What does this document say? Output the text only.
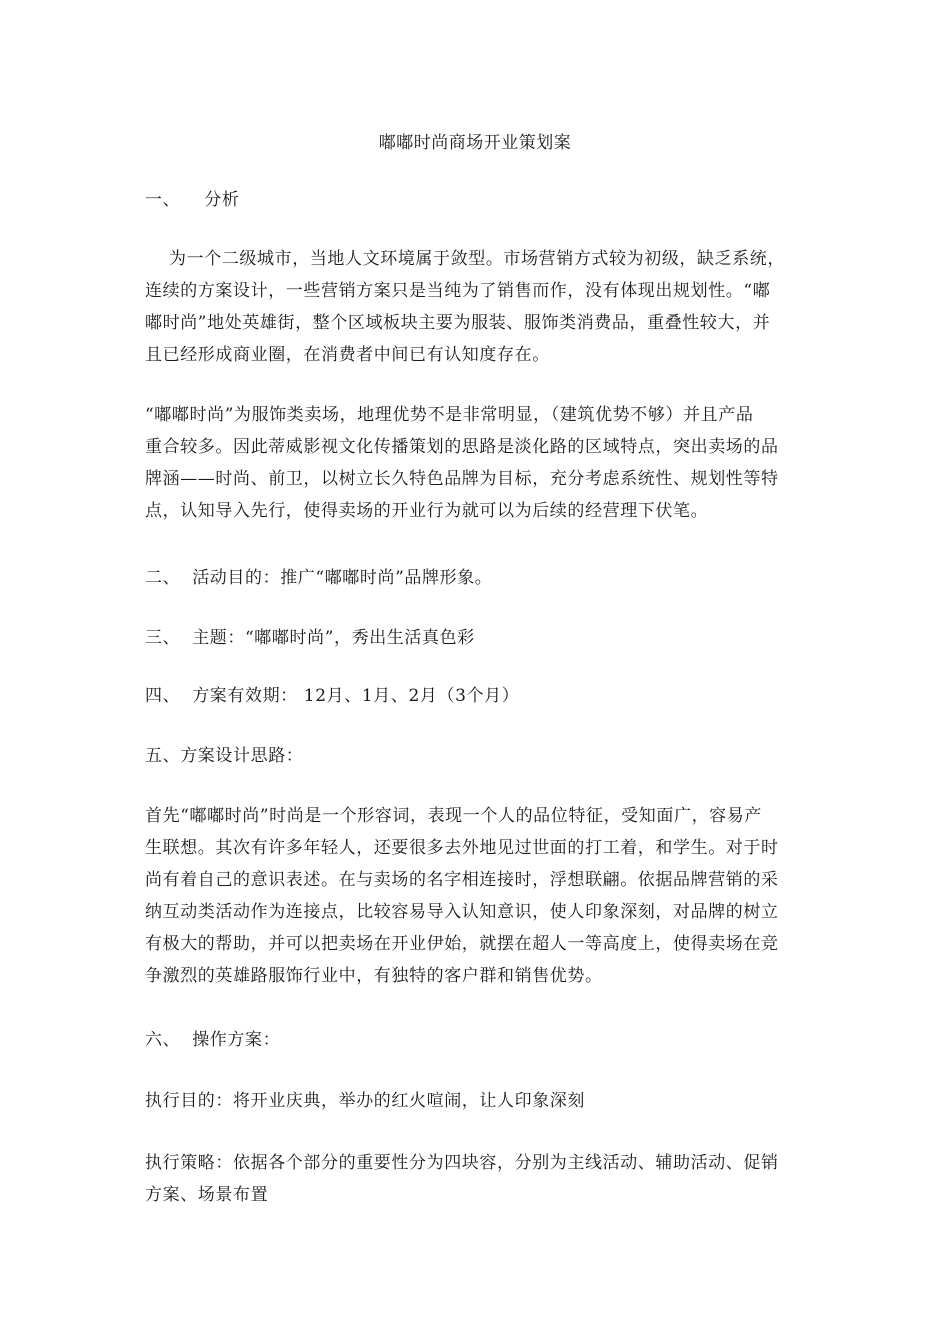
嘟嘟时尚商场开业策划案
一、    分析

为一个二级城市，当地人文环境属于敛型。市场营销方式较为初级，缺乏系统，

连续的方案设计，一些营销方案只是当纯为了销售而作，没有体现出规划性。“嘟

嘟时尚”地处英雄街，整个区域板块主要为服装、服饰类消费品，重叠性较大，并

且已经形成商业圈，在消费者中间已有认知度存在。

“嘟嘟时尚”为服饰类卖场，地理优势不是非常明显，（建筑优势不够）并且产品

重合较多。因此蒂威影视文化传播策划的思路是淡化路的区域特点，突出卖场的品

牌涵——时尚、前卫，以树立长久特色品牌为目标，充分考虑系统性、规划性等特

点，认知导入先行，使得卖场的开业行为就可以为后续的经营理下伏笔。

二、  活动目的：推广“嘟嘟时尚”品牌形象。
三、  主题：“嘟嘟时尚”，秀出生活真色彩
四、  方案有效期： 12月、1月、2月（3个月）
五、方案设计思路：

首先“嘟嘟时尚”时尚是一个形容词，表现一个人的品位特征，受知面广，容易产

生联想。其次有许多年轻人，还要很多去外地见过世面的打工着，和学生。对于时

尚有着自己的意识表述。在与卖场的名字相连接时，浮想联翩。依据品牌营销的采

纳互动类活动作为连接点，比较容易导入认知意识，使人印象深刻，对品牌的树立

有极大的帮助，并可以把卖场在开业伊始，就摆在超人一等高度上，使得卖场在竞

争激烈的英雄路服饰行业中，有独特的客户群和销售优势。

六、  操作方案：
执行目的：将开业庆典，举办的红火喧闹，让人印象深刻

执行策略：依据各个部分的重要性分为四块容，分别为主线活动、辅助活动、促销

方案、场景布置
